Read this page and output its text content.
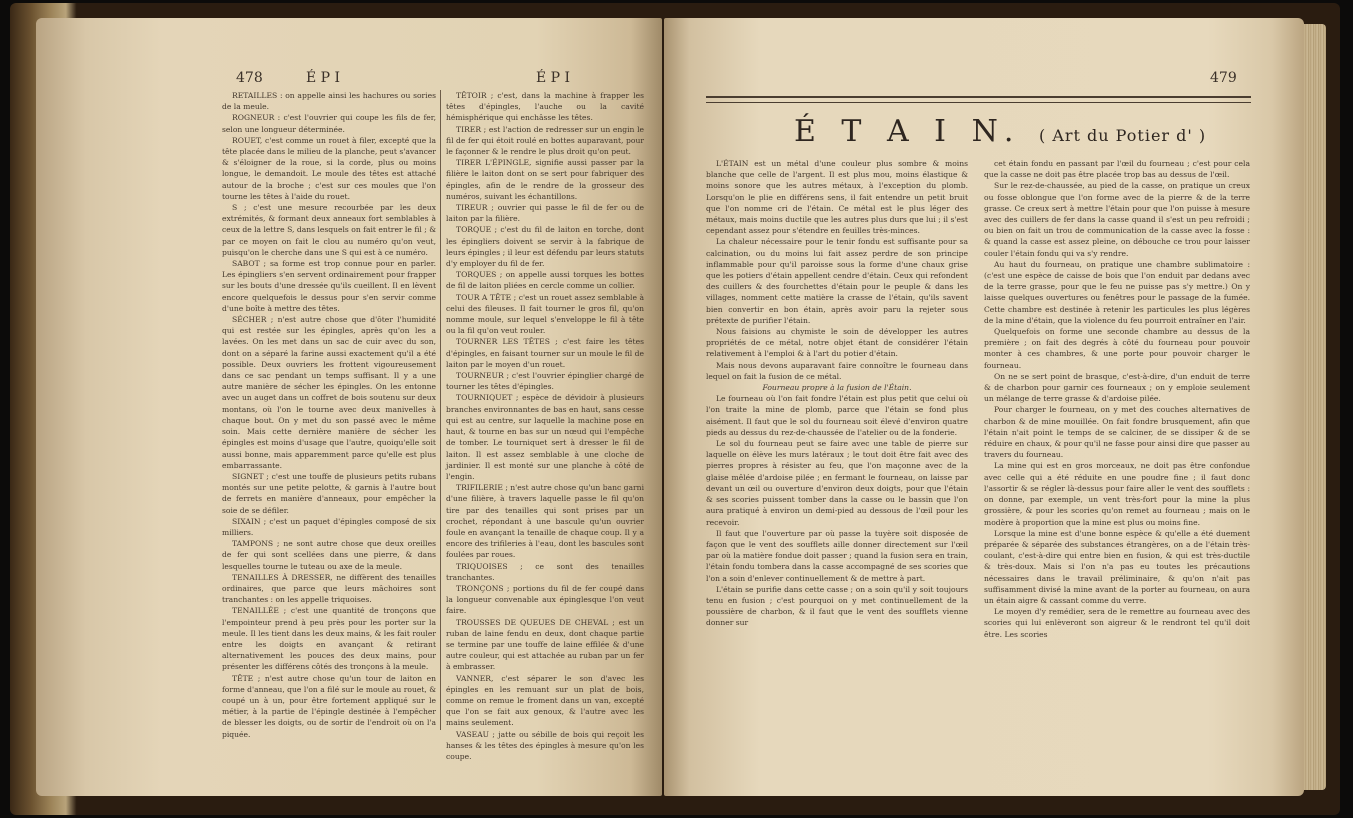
478	É P I	É P I

RETAILLES : on appelle ainsi les hachures ou sories de la meule.

ROGNEUR : c'est l'ouvrier qui coupe les fils de fer, selon une longueur déterminée.

ROUET, c'est comme un rouet à filer, excepté que la tête placée dans le milieu de la planche, peut s'avancer & s'éloigner de la roue, si la corde, plus ou moins longue, le demandoit. Le moule des têtes est attaché autour de la broche ; c'est sur ces moules que l'on tourne les têtes à l'aide du rouet.

S ; c'est une mesure recourbée par les deux extrémités, & formant deux anneaux fort semblables à ceux de la lettre S, dans lesquels on fait entrer le fil ; & par ce moyen on fait le clou au numéro qu'on veut, puisqu'on le cherche dans une S qui est à ce numéro.

SABOT ; sa forme est trop connue pour en parler. Les épingliers s'en servent ordinairement pour frapper sur les bouts d'une dressée qu'ils cueillent. Il en lèvent encore quelquefois le dessus pour s'en servir comme d'une boîte à mettre des têtes.

SÉCHER ; n'est autre chose que d'ôter l'humidité qui est restée sur les épingles, après qu'on les a lavées. On les met dans un sac de cuir avec du son, dont on a séparé la farine aussi exactement qu'il a été possible. Deux ouvriers les frottent vigoureusement dans ce sac pendant un temps suffisant. Il y a une autre manière de sécher les épingles. On les entonne avec un auget dans un coffret de bois soutenu sur deux montans, où l'on le tourne avec deux manivelles à chaque bout. On y met du son passé avec le même soin. Mais cette dernière manière de sécher les épingles est moins d'usage que l'autre, quoiqu'elle soit aussi bonne, mais apparemment parce qu'elle est plus embarrassante.

SIGNET ; c'est une touffe de plusieurs petits rubans montés sur une petite pelotte, & garnis à l'autre bout de ferrets en manière d'anneaux, pour empêcher la soie de se défiler.

SIXAIN ; c'est un paquet d'épingles composé de six milliers.

TAMPONS ; ne sont autre chose que deux oreilles de fer qui sont scellées dans une pierre, & dans lesquelles tourne le tuteau ou axe de la meule.

TENAILLES À DRESSER, ne diffèrent des tenailles ordinaires, que parce que leurs mâchoires sont tranchantes : on les appelle triquoises.

TENAILLÉE ; c'est une quantité de tronçons que l'empointeur prend à peu près pour les porter sur la meule. Il les tient dans les deux mains, & les fait rouler entre les doigts en avançant & retirant alternativement les pouces des deux mains, pour présenter les différens côtés des tronçons à la meule.

TÊTE ; n'est autre chose qu'un tour de laiton en forme d'anneau, que l'on a filé sur le moule au rouet, & coupé un à un, pour être fortement appliqué sur le métier, à la partie de l'épingle destinée à l'empêcher de blesser les doigts, ou de sortir de l'endroit où on l'a piquée.

TÊTOIR ; c'est, dans la machine à frapper les têtes d'épingles, l'auche ou la cavité hémisphérique qui enchâsse les têtes.

TIRER ; est l'action de redresser sur un engin le fil de fer qui étoit roulé en bottes auparavant, pour le façonner & le rendre le plus droit qu'on peut.

TIRER L'ÉPINGLE, signifie aussi passer par la filière le laiton dont on se sert pour fabriquer des épingles, afin de le rendre de la grosseur des numéros, suivant les échantillons.

TIREUR ; ouvrier qui passe le fil de fer ou de laiton par la filière.

TORQUE ; c'est du fil de laiton en torche, dont les épingliers doivent se servir à la fabrique de leurs épingles ; il leur est défendu par leurs statuts d'y employer du fil de fer.

TORQUES ; on appelle aussi torques les bottes de fil de laiton pliées en cercle comme un collier.

TOUR A TÊTE ; c'est un rouet assez semblable à celui des fileuses. Il fait tourner le gros fil, qu'on nomme moule, sur lequel s'enveloppe le fil à tête ou la fil qu'on veut rouler.

TOURNER LES TÊTES ; c'est faire les têtes d'épingles, en faisant tourner sur un moule le fil de laiton par le moyen d'un rouet.

TOURNEUR ; c'est l'ouvrier épinglier chargé de tourner les têtes d'épingles.

TOURNIQUET ; espèce de dévidoir à plusieurs branches environnantes de bas en haut, sans cesse qui est au centre, sur laquelle la machine pose en haut, & tourne en bas sur un nœud qui l'empêche de tomber. Le tourniquet sert à dresser le fil de laiton. Il est assez semblable à une cloche de jardinier. Il est monté sur une planche à côté de l'engin.

TRIFILERIE ; n'est autre chose qu'un banc garni d'une filière, à travers laquelle passe le fil qu'on tire par des tenailles qui sont prises par un crochet, répondant à une bascule qu'un ouvrier foule en avançant la tenaille de chaque coup. Il y a encore des trifileries à l'eau, dont les bascules sont foulées par roues.

TRIQUOISES ; ce sont des tenailles tranchantes.

TRONÇONS ; portions du fil de fer coupé dans la longueur convenable aux épinglesque l'on veut faire.

TROUSSES DE QUEUES DE CHEVAL ; est un ruban de laine fendu en deux, dont chaque partie se termine par une touffe de laine effilée & d'une autre couleur, qui est attachée au ruban par un fer à embrasser.

VANNER, c'est séparer le son d'avec les épingles en les remuant sur un plat de bois, comme on remue le froment dans un van, excepté que l'on se fait aux genoux, & l'autre avec les mains seulement.

VASEAU ; jatte ou sébille de bois qui reçoit les hanses & les têtes des épingles à mesure qu'on les coupe.

479
É T A I N. ( Art du Potier d' )

L'ÉTAIN est un métal d'une couleur plus sombre & moins blanche que celle de l'argent. Il est plus mou, moins élastique & moins sonore que les autres métaux, à l'exception du plomb. Lorsqu'on le plie en différens sens, il fait entendre un petit bruit que l'on nomme cri de l'étain. Ce métal est le plus léger des métaux, mais moins ductile que les autres plus durs que lui ; il s'est cependant assez pour s'étendre en feuilles très-minces.

La chaleur nécessaire pour le tenir fondu est suffisante pour sa calcination, ou du moins lui fait assez perdre de son principe inflammable pour qu'il paroisse sous la forme d'une chaux grise que les potiers d'étain appellent cendre d'étain. Ceux qui refondent des cuillers & des fourchettes d'étain pour le peuple & dans les villages, nomment cette matière la crasse de l'étain, qu'ils savent bien convertir en bon étain, après avoir paru la rejeter sous prétexte de purifier l'étain.

Nous faisions au chymiste le soin de développer les autres propriétés de ce métal, notre objet étant de considérer l'étain relativement à l'emploi & à l'art du potier d'étain.

Mais nous devons auparavant faire connoître le fourneau dans lequel on fait la fusion de ce métal.

Fourneau propre à la fusion de l'Étain.

Le fourneau où l'on fait fondre l'étain est plus petit que celui où l'on traite la mine de plomb, parce que l'étain se fond plus aisément. Il faut que le sol du fourneau soit élevé d'environ quatre pieds au dessus du rez-de-chaussée de l'atelier ou de la fonderie.

Le sol du fourneau peut se faire avec une table de pierre sur laquelle on élève les murs latéraux ; le tout doit être fait avec des pierres propres à résister au feu, que l'on maçonne avec de la glaise mêlée d'ardoise pilée ; en fermant le fourneau, on laisse par devant un œil ou ouverture d'environ deux doigts, pour que l'étain & ses scories puissent tomber dans la casse ou le bassin que l'on aura pratiqué à environ un demi-pied au dessous de l'œil pour les recevoir.

Il faut que l'ouverture par où passe la tuyère soit disposée de façon que le vent des soufflets aille donner directement sur l'œil par où la matière fondue doit passer ; quand la fusion sera en train, l'étain fondu tombera dans la casse accompagné de ses scories que l'on a soin d'enlever continuellement & de mettre à part.

L'étain se purifie dans cette casse ; on a soin qu'il y soit toujours tenu en fusion ; c'est pourquoi on y met continuellement de la poussière de charbon, & il faut que le vent des soufflets vienne donner sur

cet étain fondu en passant par l'œil du fourneau ; c'est pour cela que la casse ne doit pas être placée trop bas au dessus de l'œil.

Sur le rez-de-chaussée, au pied de la casse, on pratique un creux ou fosse oblongue que l'on forme avec de la pierre & de la terre grasse. Ce creux sert à mettre l'étain pour que l'on puisse à mesure avec des cuillers de fer dans la casse quand il s'est un peu refroidi ; ou bien on fait un trou de communication de la casse avec la fosse : & quand la casse est assez pleine, on débouche ce trou pour laisser couler l'étain fondu qui va s'y rendre.

Au haut du fourneau, on pratique une chambre sublimatoire : (c'est une espèce de caisse de bois que l'on enduit par dedans avec de la terre grasse, pour que le feu ne puisse pas s'y mettre.) On y laisse quelques ouvertures ou fenêtres pour le passage de la fumée. Cette chambre est destinée à retenir les particules les plus légères de la mine d'étain, que la violence du feu pourroit entraîner en l'air.

Quelquefois on forme une seconde chambre au dessus de la première ; on fait des degrés à côté du fourneau pour pouvoir monter à ces chambres, & une porte pour pouvoir charger le fourneau.

On ne se sert point de brasque, c'est-à-dire, d'un enduit de terre & de charbon pour garnir ces fourneaux ; on y emploie seulement un mélange de terre grasse & d'ardoise pilée.

Pour charger le fourneau, on y met des couches alternatives de charbon & de mine mouillée. On fait fondre brusquement, afin que l'étain n'ait point le temps de se calciner, de se dissiper & de se réduire en chaux, & pour qu'il ne fasse pour ainsi dire que passer au travers du fourneau.

La mine qui est en gros morceaux, ne doit pas être confondue avec celle qui a été réduite en une poudre fine ; il faut donc l'assortir & se régler là-dessus pour faire aller le vent des soufflets : on donne, par exemple, un vent très-fort pour la mine la plus grossière, & pour les scories qu'on remet au fourneau ; mais on le modère à proportion que la mine est plus ou moins fine.

Lorsque la mine est d'une bonne espèce & qu'elle a été duement préparée & séparée des substances étrangères, on a de l'étain très-coulant, c'est-à-dire qui entre bien en fusion, & qui est très-ductile & très-doux. Mais si l'on n'a pas eu toutes les précautions nécessaires dans le travail préliminaire, & qu'on n'ait pas suffisamment divisé la mine avant de la porter au fourneau, on aura un étain aigre & cassant comme du verre.

Le moyen d'y remédier, sera de le remettre au fourneau avec des scories qui lui enlèveront son aigreur & le rendront tel qu'il doit être. Les scories
